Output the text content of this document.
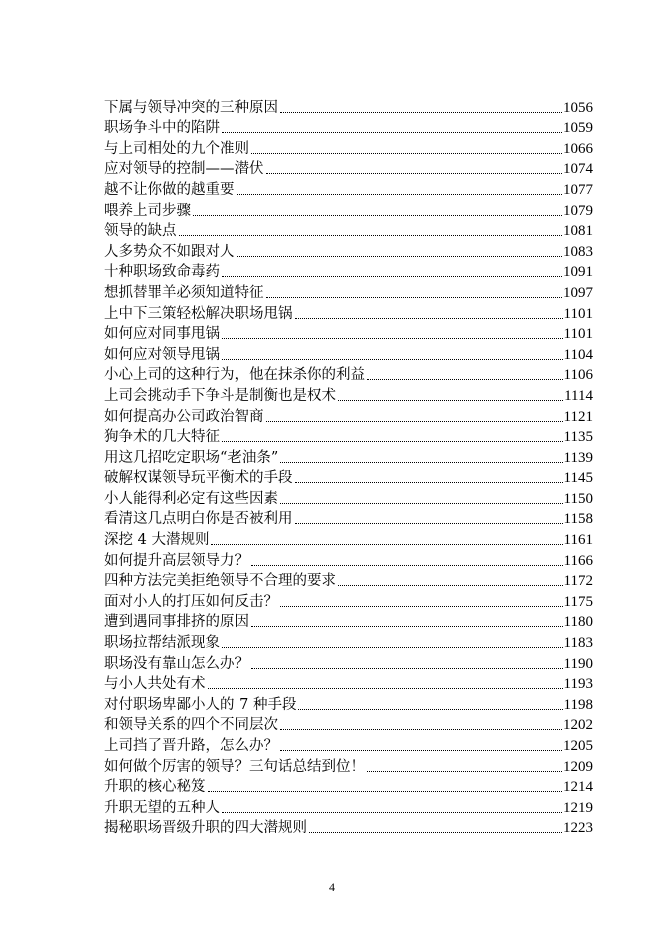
下属与领导冲突的三种原因	1056
职场争斗中的陷阱	1059
与上司相处的九个准则	1066
应对领导的控制——潜伏	1074
越不让你做的越重要	1077
喂养上司步骤	1079
领导的缺点	1081
人多势众不如跟对人	1083
十种职场致命毒药	1091
想抓替罪羊必须知道特征	1097
上中下三策轻松解决职场甩锅	1101
如何应对同事甩锅	1101
如何应对领导甩锅	1104
小心上司的这种行为，他在抹杀你的利益	1106
上司会挑动手下争斗是制衡也是权术	1114
如何提高办公司政治智商	1121
狗争术的几大特征	1135
用这几招吃定职场“老油条”	1139
破解权谋领导玩平衡术的手段	1145
小人能得利必定有这些因素	1150
看清这几点明白你是否被利用	1158
深挖 4 大潜规则	1161
如何提升高层领导力？	1166
四种方法完美拒绝领导不合理的要求	1172
面对小人的打压如何反击？	1175
遭到遇同事排挤的原因	1180
职场拉帮结派现象	1183
职场没有靠山怎么办？	1190
与小人共处有术	1193
对付职场卑鄙小人的 7 种手段	1198
和领导关系的四个不同层次	1202
上司挡了晋升路，怎么办？	1205
如何做个厉害的领导？三句话总结到位！	1209
升职的核心秘笈	1214
升职无望的五种人	1219
揭秘职场晋级升职的四大潜规则	1223
4
